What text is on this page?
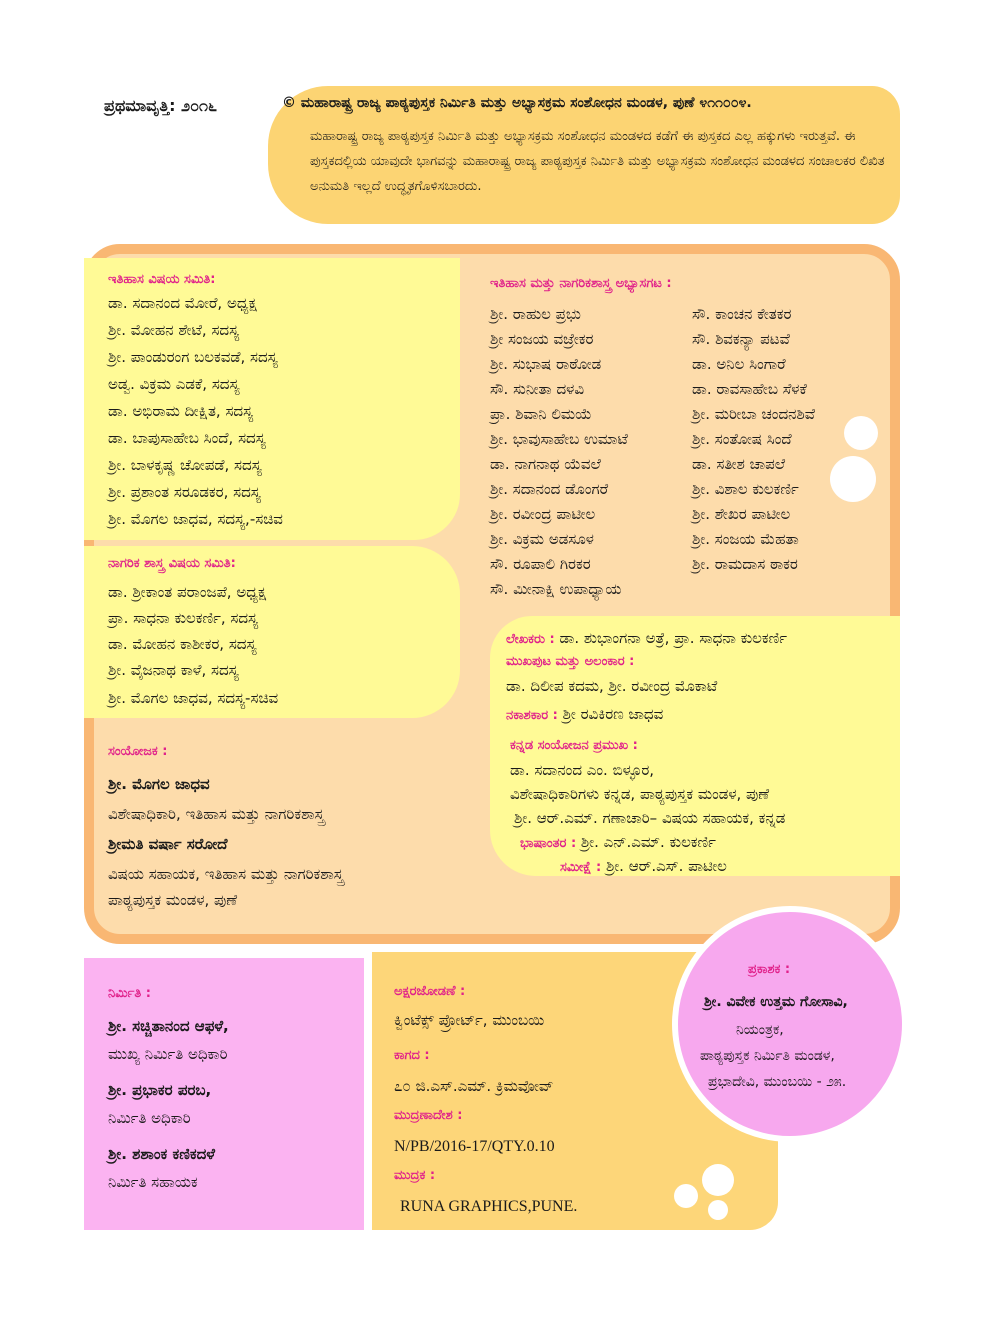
ಪ್ರಥಮಾವೃತ್ತಿ: ೨೦೧೬	© ಮಹಾರಾಷ್ಟ್ರ ರಾಜ್ಯ ಪಾಠ್ಯಪುಸ್ತಕ ನಿರ್ಮಿತಿ ಮತ್ತು ಅಭ್ಯಾಸಕ್ರಮ ಸಂಶೋಧನ ಮಂಡಳ, ಪುಣೆ ೪೧೧೦೦೪.
ಮಹಾರಾಷ್ಟ್ರ ರಾಜ್ಯ ಪಾಠ್ಯಪುಸ್ತಕ ನಿರ್ಮಿತಿ ಮತ್ತು ಅಭ್ಯಾಸಕ್ರಮ ಸಂಶೋಧನ ಮಂಡಳದ ಕಡೆಗೆ ಈ ಪುಸ್ತಕದ ಎಲ್ಲ ಹಕ್ಕುಗಳು ಇರುತ್ತವೆ. ಈ ಪುಸ್ತಕದಲ್ಲಿಯ ಯಾವುದೇ ಭಾಗವನ್ನು ಮಹಾರಾಷ್ಟ್ರ ರಾಜ್ಯ ಪಾಠ್ಯಪುಸ್ತಕ ನಿರ್ಮಿತಿ ಮತ್ತು ಅಭ್ಯಾಸಕ್ರಮ ಸಂಶೋಧನ ಮಂಡಳದ ಸಂಚಾಲಕರ ಲಿಖಿತ ಅನುಮತಿ ಇಲ್ಲದೆ ಉದ್ಧೃತಗೊಳಿಸಬಾರದು.
ಇತಿಹಾಸ ವಿಷಯ ಸಮಿತಿ:
ಡಾ. ಸದಾನಂದ ಮೋರೆ, ಅಧ್ಯಕ್ಷ
ಶ್ರೀ. ಮೋಹನ ಶೇಟೆ, ಸದಸ್ಯ
ಶ್ರೀ. ಪಾಂಡುರಂಗ ಬಲಕವಡೆ, ಸದಸ್ಯ
ಅಡ್ವ. ವಿಕ್ರಮ ಎಡಕೆ, ಸದಸ್ಯ
ಡಾ. ಅಭಿರಾಮ ದೀಕ್ಷಿತ, ಸದಸ್ಯ
ಡಾ. ಬಾಪುಸಾಹೇಬ ಸಿಂದೆ, ಸದಸ್ಯ
ಶ್ರೀ. ಬಾಳಕೃಷ್ಣ ಚೋಪಡೆ, ಸದಸ್ಯ
ಶ್ರೀ. ಪ್ರಶಾಂತ ಸರೂಡಕರ, ಸದಸ್ಯ
ಶ್ರೀ. ಮೊಗಲ ಜಾಧವ, ಸದಸ್ಯ,-ಸಚಿವ
ನಾಗರಿಕ ಶಾಸ್ತ್ರ ವಿಷಯ ಸಮಿತಿ:
ಡಾ. ಶ್ರೀಕಾಂತ ಪರಾಂಜಪೆ, ಅಧ್ಯಕ್ಷ
ಪ್ರಾ. ಸಾಧನಾ ಕುಲಕರ್ಣಿ, ಸದಸ್ಯ
ಡಾ. ಮೋಹನ ಕಾಶೀಕರ, ಸದಸ್ಯ
ಶ್ರೀ. ವೈಜನಾಥ ಕಾಳೆ, ಸದಸ್ಯ
ಶ್ರೀ. ಮೊಗಲ ಜಾಧವ, ಸದಸ್ಯ-ಸಚಿವ
ಸಂಯೋಜಕ :
ಶ್ರೀ. ಮೊಗಲ ಜಾಧವ
ವಿಶೇಷಾಧಿಕಾರಿ, ಇತಿಹಾಸ ಮತ್ತು ನಾಗರಿಕಶಾಸ್ತ್ರ
ಶ್ರೀಮತಿ ವರ್ಷಾ ಸರೋದೆ
ವಿಷಯ ಸಹಾಯಕ, ಇತಿಹಾಸ ಮತ್ತು ನಾಗರಿಕಶಾಸ್ತ್ರ
ಪಾಠ್ಯಪುಸ್ತಕ ಮಂಡಳ, ಪುಣೆ
ಇತಿಹಾಸ ಮತ್ತು ನಾಗರಿಕಶಾಸ್ತ್ರ ಅಭ್ಯಾಸಗಟ :
ಶ್ರೀ. ರಾಹುಲ ಪ್ರಭು
ಶ್ರೀ ಸಂಜಯ ವಜ್ರೇಕರ
ಶ್ರೀ. ಸುಭಾಷ ರಾಠೋಡ
ಸೌ. ಸುನೀತಾ ದಳವಿ
ಪ್ರಾ. ಶಿವಾನಿ ಲಿಮಯೆ
ಶ್ರೀ. ಭಾವುಸಾಹೇಬ ಉಮಾಟೆ
ಡಾ. ನಾಗನಾಥ ಯೆವಲೆ
ಶ್ರೀ. ಸದಾನಂದ ಡೊಂಗರೆ
ಶ್ರೀ. ರವೀಂದ್ರ ಪಾಟೀಲ
ಶ್ರೀ. ವಿಕ್ರಮ ಅಡಸೂಳ
ಸೌ. ರೂಪಾಲಿ ಗಿರಕರ
ಸೌ. ಮೀನಾಕ್ಷಿ ಉಪಾಧ್ಯಾಯ
ಸೌ. ಕಾಂಚನ ಕೇತಕರ
ಸೌ. ಶಿವಕನ್ಯಾ ಪಟವೆ
ಡಾ. ಅನಿಲ ಸಿಂಗಾರೆ
ಡಾ. ರಾವಸಾಹೇಬ ಸೆಳಕೆ
ಶ್ರೀ. ಮರೀಬಾ ಚಂದನಶಿವೆ
ಶ್ರೀ. ಸಂತೋಷ ಸಿಂದೆ
ಡಾ. ಸತೀಶ ಚಾಪಲೆ
ಶ್ರೀ. ವಿಶಾಲ ಕುಲಕರ್ಣಿ
ಶ್ರೀ. ಶೇಖರ ಪಾಟೀಲ
ಶ್ರೀ. ಸಂಜಯ ಮೆಹತಾ
ಶ್ರೀ. ರಾಮದಾಸ ಠಾಕರ
ಲೇಖಕರು : ಡಾ. ಶುಭಾಂಗನಾ ಅತ್ರೆ, ಪ್ರಾ. ಸಾಧನಾ ಕುಲಕರ್ಣಿ
ಮುಖಪುಟ ಮತ್ತು ಅಲಂಕಾರ :
ಡಾ. ದಿಲೀಪ ಕದಮ, ಶ್ರೀ. ರವೀಂದ್ರ ಮೊಕಾಟೆ
ನಕಾಶಕಾರ : ಶ್ರೀ ರವಿಕಿರಣ ಜಾಧವ
ಕನ್ನಡ ಸಂಯೋಜನ ಪ್ರಮುಖ :
ಡಾ. ಸದಾನಂದ ಎಂ. ಬಿಳ್ಳೂರ,
ವಿಶೇಷಾಧಿಕಾರಿಗಳು ಕನ್ನಡ, ಪಾಠ್ಯಪುಸ್ತಕ ಮಂಡಳ, ಪುಣೆ
ಶ್ರೀ. ಆರ್.ಎಮ್. ಗಣಾಚಾರಿ– ವಿಷಯ ಸಹಾಯಕ, ಕನ್ನಡ
ಭಾಷಾಂತರ : ಶ್ರೀ. ಎನ್.ಎಮ್. ಕುಲಕರ್ಣಿ
ಸಮೀಕ್ಷೆ : ಶ್ರೀ. ಆರ್.ಎಸ್. ಪಾಟೀಲ
ನಿರ್ಮಿತಿ :
ಶ್ರೀ. ಸಚ್ಚಿತಾನಂದ ಆಫಳೆ,
ಮುಖ್ಯ ನಿರ್ಮಿತಿ ಅಧಿಕಾರಿ
ಶ್ರೀ. ಪ್ರಭಾಕರ ಪರಬ,
ನಿರ್ಮಿತಿ ಅಧಿಕಾರಿ
ಶ್ರೀ. ಶಶಾಂಕ ಕಣಿಕದಳೆ
ನಿರ್ಮಿತಿ ಸಹಾಯಕ
ಅಕ್ಷರಜೋಡಣೆ :
ಕ್ವಿಂಟೆಕ್ಸ್ ಪ್ರೋರ್ಟ್, ಮುಂಬಯಿ
ಕಾಗದ :
೭೦ ಜಿ.ಎಸ್.ಎಮ್. ಕ್ರಿಮವೋವ್
ಮುದ್ರಣಾದೇಶ :
N/PB/2016-17/QTY.0.10
ಮುದ್ರಕ :
RUNA GRAPHICS,PUNE.
ಪ್ರಕಾಶಕ :
ಶ್ರೀ. ವಿವೇಕ ಉತ್ತಮ ಗೋಸಾವಿ,
ನಿಯಂತ್ರಕ,
ಪಾಠ್ಯಪುಸ್ತಕ ನಿರ್ಮಿತಿ ಮಂಡಳ,
ಪ್ರಭಾದೇವಿ, ಮುಂಬಯಿ - ೨೫.
